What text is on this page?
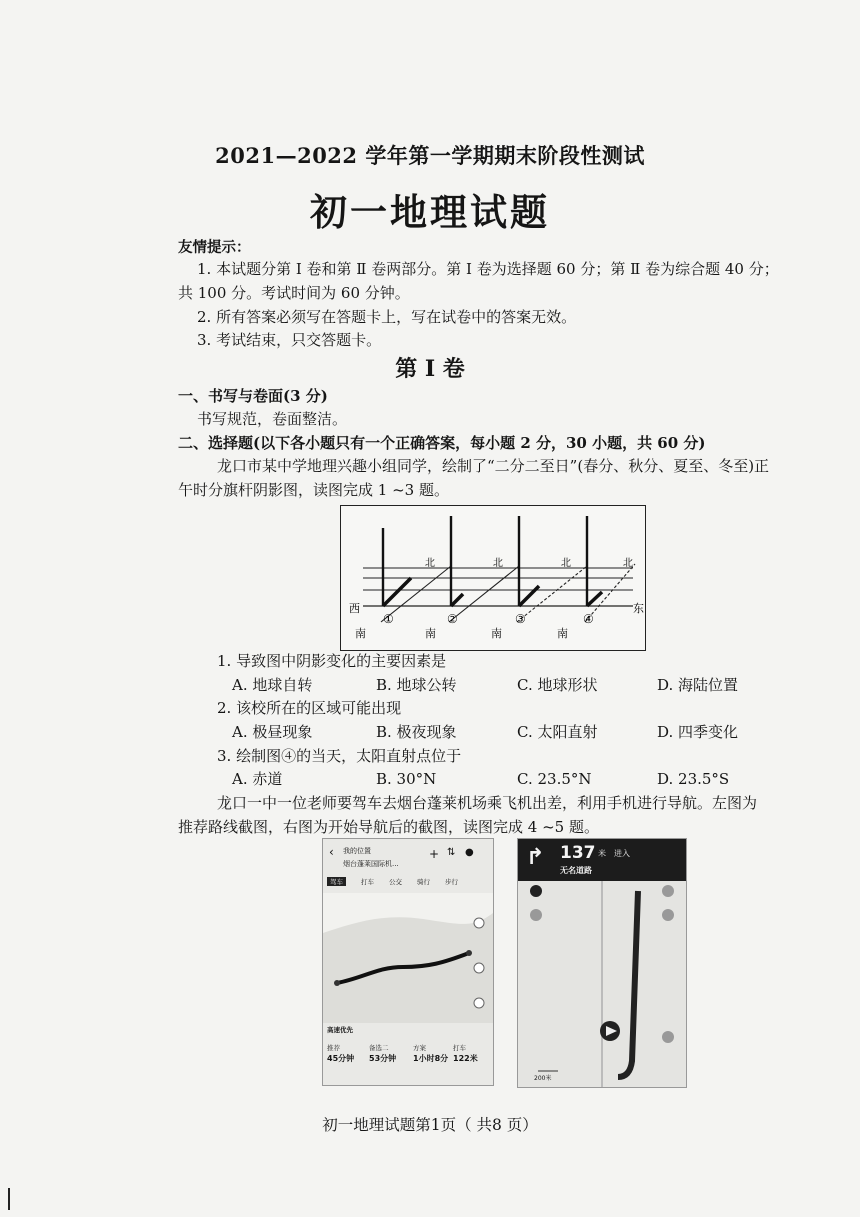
2021—2022 学年第一学期期末阶段性测试
初一地理试题
友情提示：
1. 本试题分第 Ⅰ 卷和第 Ⅱ 卷两部分。第 Ⅰ 卷为选择题 60 分；第 Ⅱ 卷为综合题 40 分；
共 100 分。考试时间为 60 分钟。
2. 所有答案必须写在答题卡上，写在试卷中的答案无效。
3. 考试结束，只交答题卡。
第 Ⅰ 卷
一、书写与卷面(3 分)
书写规范，卷面整洁。
二、选择题(以下各小题只有一个正确答案，每小题 2 分，30 小题，共 60 分)
龙口市某中学地理兴趣小组同学，绘制了“二分二至日”(春分、秋分、夏至、冬至)正
午时分旗杆阴影图，读图完成 1 ~3 题。
西	东
北	北	北	北
①	②	③	④
南	南	南	南
1. 导致图中阴影变化的主要因素是
A. 地球自转	B. 地球公转	C. 地球形状	D. 海陆位置
2. 该校所在的区域可能出现
A. 极昼现象	B. 极夜现象	C. 太阳直射	D. 四季变化
3. 绘制图④的当天，太阳直射点位于
A. 赤道	B. 30°N	C. 23.5°N	D. 23.5°S
龙口一中一位老师要驾车去烟台蓬莱机场乘飞机出差，利用手机进行导航。左图为
推荐路线截图，右图为开始导航后的截图，读图完成 4 ~5 题。
‹ 我的位置
烟台蓬莱国际机...
+ ⇅ ●
驾车	打车 公交 骑行 步行
高速优先
推荐	备选二	方案	打车
45分钟 53分钟 1小时8分 122米
↱ 137 米 进入
无名道路
200米
初一地理试题第1页（ 共8 页）
